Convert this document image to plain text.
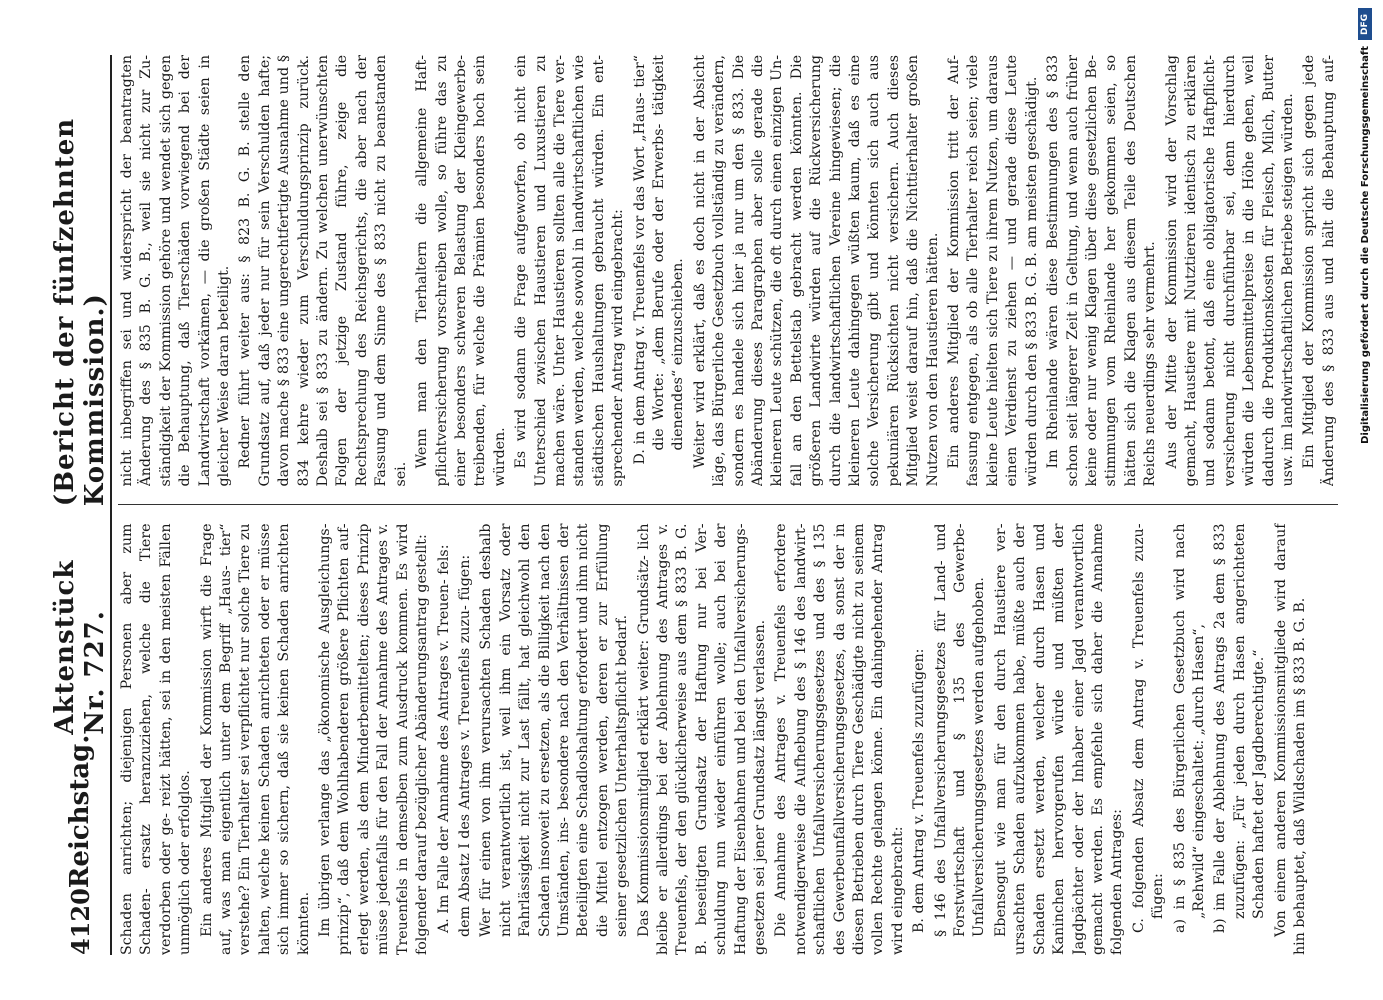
4120
Reichstag.
Aktenstück Nr. 727.
(Bericht der fünfzehnten Kommission.)

Schaden anrichten; diejenigen Personen aber zum Schaden- ersatz heranzuziehen, welche die Tiere verdorben oder ge- reizt hätten, sei in den meisten Fällen unmöglich oder erfolglos. Ein anderes Mitglied der Kommission wirft die Frage auf, was man eigentlich unter dem Begriff „Haus- tier“ verstehe? Ein Tierhalter sei verpflichtet nur solche Tiere zu halten, welche keinen Schaden anrichteten oder er müsse sich immer so sichern, daß sie keinen Schaden anrichten könnten. Im übrigen verlange das „ökonomische Ausgleichungs- prinzip“, daß dem Wohlhabenderen größere Pflichten auf- erlegt werden, als dem Minderbemittelten; dieses Prinzip müsse jedenfalls für den Fall der Annahme des Antrages v. Treuenfels in demselben zum Ausdruck kommen. Es wird folgender darauf bezüglicher Abänderungsantrag gestellt: A. Im Falle der Annahme des Antrages v. Treuen- fels: dem Absatz I des Antrages v. Treuenfels zuzu- fügen: Wer für einen von ihm verursachten Schaden deshalb nicht verantwortlich ist, weil ihm ein Vorsatz oder Fahrlässigkeit nicht zur Last fällt, hat gleichwohl den Schaden insoweit zu ersetzen, als die Billigkeit nach den Umständen, ins- besondere nach den Verhältnissen der Beteiligten eine Schadloshaltung erfordert und ihm nicht die Mittel entzogen werden, deren er zur Erfüllung seiner gesetzlichen Unterhaltspflicht bedarf. Das Kommissionsmitglied erklärt weiter: Grundsätz- lich bleibe er allerdings bei der Ablehnung des Antrages v. Treuenfels, der den glücklicherweise aus dem § 833 B. G. B. beseitigten Grundsatz der Haftung nur bei Ver- schuldung nun wieder einführen wolle; auch bei der Haftung der Eisenbahnen und bei den Unfallversicherungs- gesetzen sei jener Grundsatz längst verlassen. Die Annahme des Antrages v. Treuenfels erfordere notwendigerweise die Aufhebung des § 146 des landwirt- schaftlichen Unfallversicherungsgesetzes und des § 135 des Gewerbeunfallversicherungsgesetzes, da sonst der in diesen Betrieben durch Tiere Geschädigte nicht zu seinem vollen Rechte gelangen könne. Ein dahingehender Antrag wird eingebracht: B. dem Antrag v. Treuenfels zuzufügen: § 146 des Unfallversicherungsgesetzes für Land- und Forstwirtschaft und § 135 des Gewerbe- Unfallversicherungsgesetzes werden aufgehoben. Ebensogut wie man für den durch Haustiere ver- ursachten Schaden aufzukommen habe, müßte auch der Schaden ersetzt werden, welcher durch Hasen und Kaninchen hervorgerufen würde und müßten der Jagdpächter oder der Inhaber einer Jagd verantwortlich gemacht werden. Es empfehle sich daher die Annahme folgenden Antrages: C. folgenden Absatz dem Antrag v. Treuenfels zuzu- fügen: a) in § 835 des Bürgerlichen Gesetzbuch wird nach „Rehwild“ eingeschaltet: „durch Hasen“, b) im Falle der Ablehnung des Antrags 2a dem § 833 zuzufügen: „Für jeden durch Hasen angerichteten Schaden haftet der Jagdberechtigte.“ Von einem anderen Kommissionsmitgliede wird darauf hin behauptet, daß Wildschaden im § 833 B. G. B.

nicht inbegriffen sei und widerspricht der beantragten Änderung des § 835 B. G. B., weil sie nicht zur Zu- ständigkeit der Kommission gehöre und wendet sich gegen die Behauptung, daß Tierschäden vorwiegend bei der Landwirtschaft vorkämen, — die großen Städte seien in gleicher Weise daran beteiligt. Redner führt weiter aus: § 823 B. G. B. stelle den Grundsatz auf, daß jeder nur für sein Verschulden hafte; davon mache § 833 eine ungerechtfertigte Ausnahme und § 834 kehre wieder zum Verschuldungsprinzip zurück. Deshalb sei § 833 zu ändern. Zu welchen unerwünschten Folgen der jetzige Zustand führe, zeige die Rechtsprechung des Reichsgerichts, die aber nach der Fassung und dem Sinne des § 833 nicht zu beanstanden sei.

Wenn man den Tierhaltern die allgemeine Haft- pflichtversicherung vorschreiben wolle, so führe das zu einer besonders schweren Belastung der Kleingewerbe- treibenden, für welche die Prämien besonders hoch sein würden. Es wird sodann die Frage aufgeworfen, ob nicht ein Unterschied zwischen Haustieren und Luxustieren zu machen wäre. Unter Haustieren sollten alle die Tiere ver- standen werden, welche sowohl in landwirtschaftlichen wie städtischen Haushaltungen gebraucht würden. Ein ent- sprechender Antrag wird eingebracht: D. in dem Antrag v. Treuenfels vor das Wort „Haus- tier“ die Worte: „dem Berufe oder der Erwerbs- tätigkeit dienendes“ einzuschieben. Weiter wird erklärt, daß es doch nicht in der Absicht läge, das Bürgerliche Gesetzbuch vollständig zu verändern, sondern es handele sich hier ja nur um den § 833. Die Abänderung dieses Paragraphen aber solle gerade die kleineren Leute schützen, die oft durch einen einzigen Un- fall an den Bettelstab gebracht werden könnten. Die größeren Landwirte würden auf die Rückversicherung durch die landwirtschaftlichen Vereine hingewiesen; die kleineren Leute dahingegen wüßten kaum, daß es eine solche Versicherung gibt und könnten sich auch aus pekuniären Rücksichten nicht versichern. Auch dieses Mitglied weist darauf hin, daß die Nichttierhalter großen Nutzen von den Haustieren hätten. Ein anderes Mitglied der Kommission tritt der Auf- fassung entgegen, als ob alle Tierhalter reich seien; viele kleine Leute hielten sich Tiere zu ihrem Nutzen, um daraus einen Verdienst zu ziehen — und gerade diese Leute würden durch den § 833 B. G. B. am meisten geschädigt. Im Rheinlande wären diese Bestimmungen des § 833 schon seit längerer Zeit in Geltung, und wenn auch früher keine oder nur wenig Klagen über diese gesetzlichen Be- stimmungen vom Rheinlande her gekommen seien, so hätten sich die Klagen aus diesem Teile des Deutschen Reichs neuerdings sehr vermehrt. Aus der Mitte der Kommission wird der Vorschlag gemacht, Haustiere mit Nutztieren identisch zu erklären und sodann betont, daß eine obligatorische Haftpflicht- versicherung nicht durchführbar sei, denn hierdurch würden die Lebensmittelpreise in die Höhe gehen, weil dadurch die Produktionskosten für Fleisch, Milch, Butter usw. im landwirtschaftlichen Betriebe steigen würden. Ein Mitglied der Kommission spricht sich gegen jede Änderung des § 833 aus und hält die Behauptung auf-

DFG
Digitalisierung gefördert durch die Deutsche Forschungsgemeinschaft
